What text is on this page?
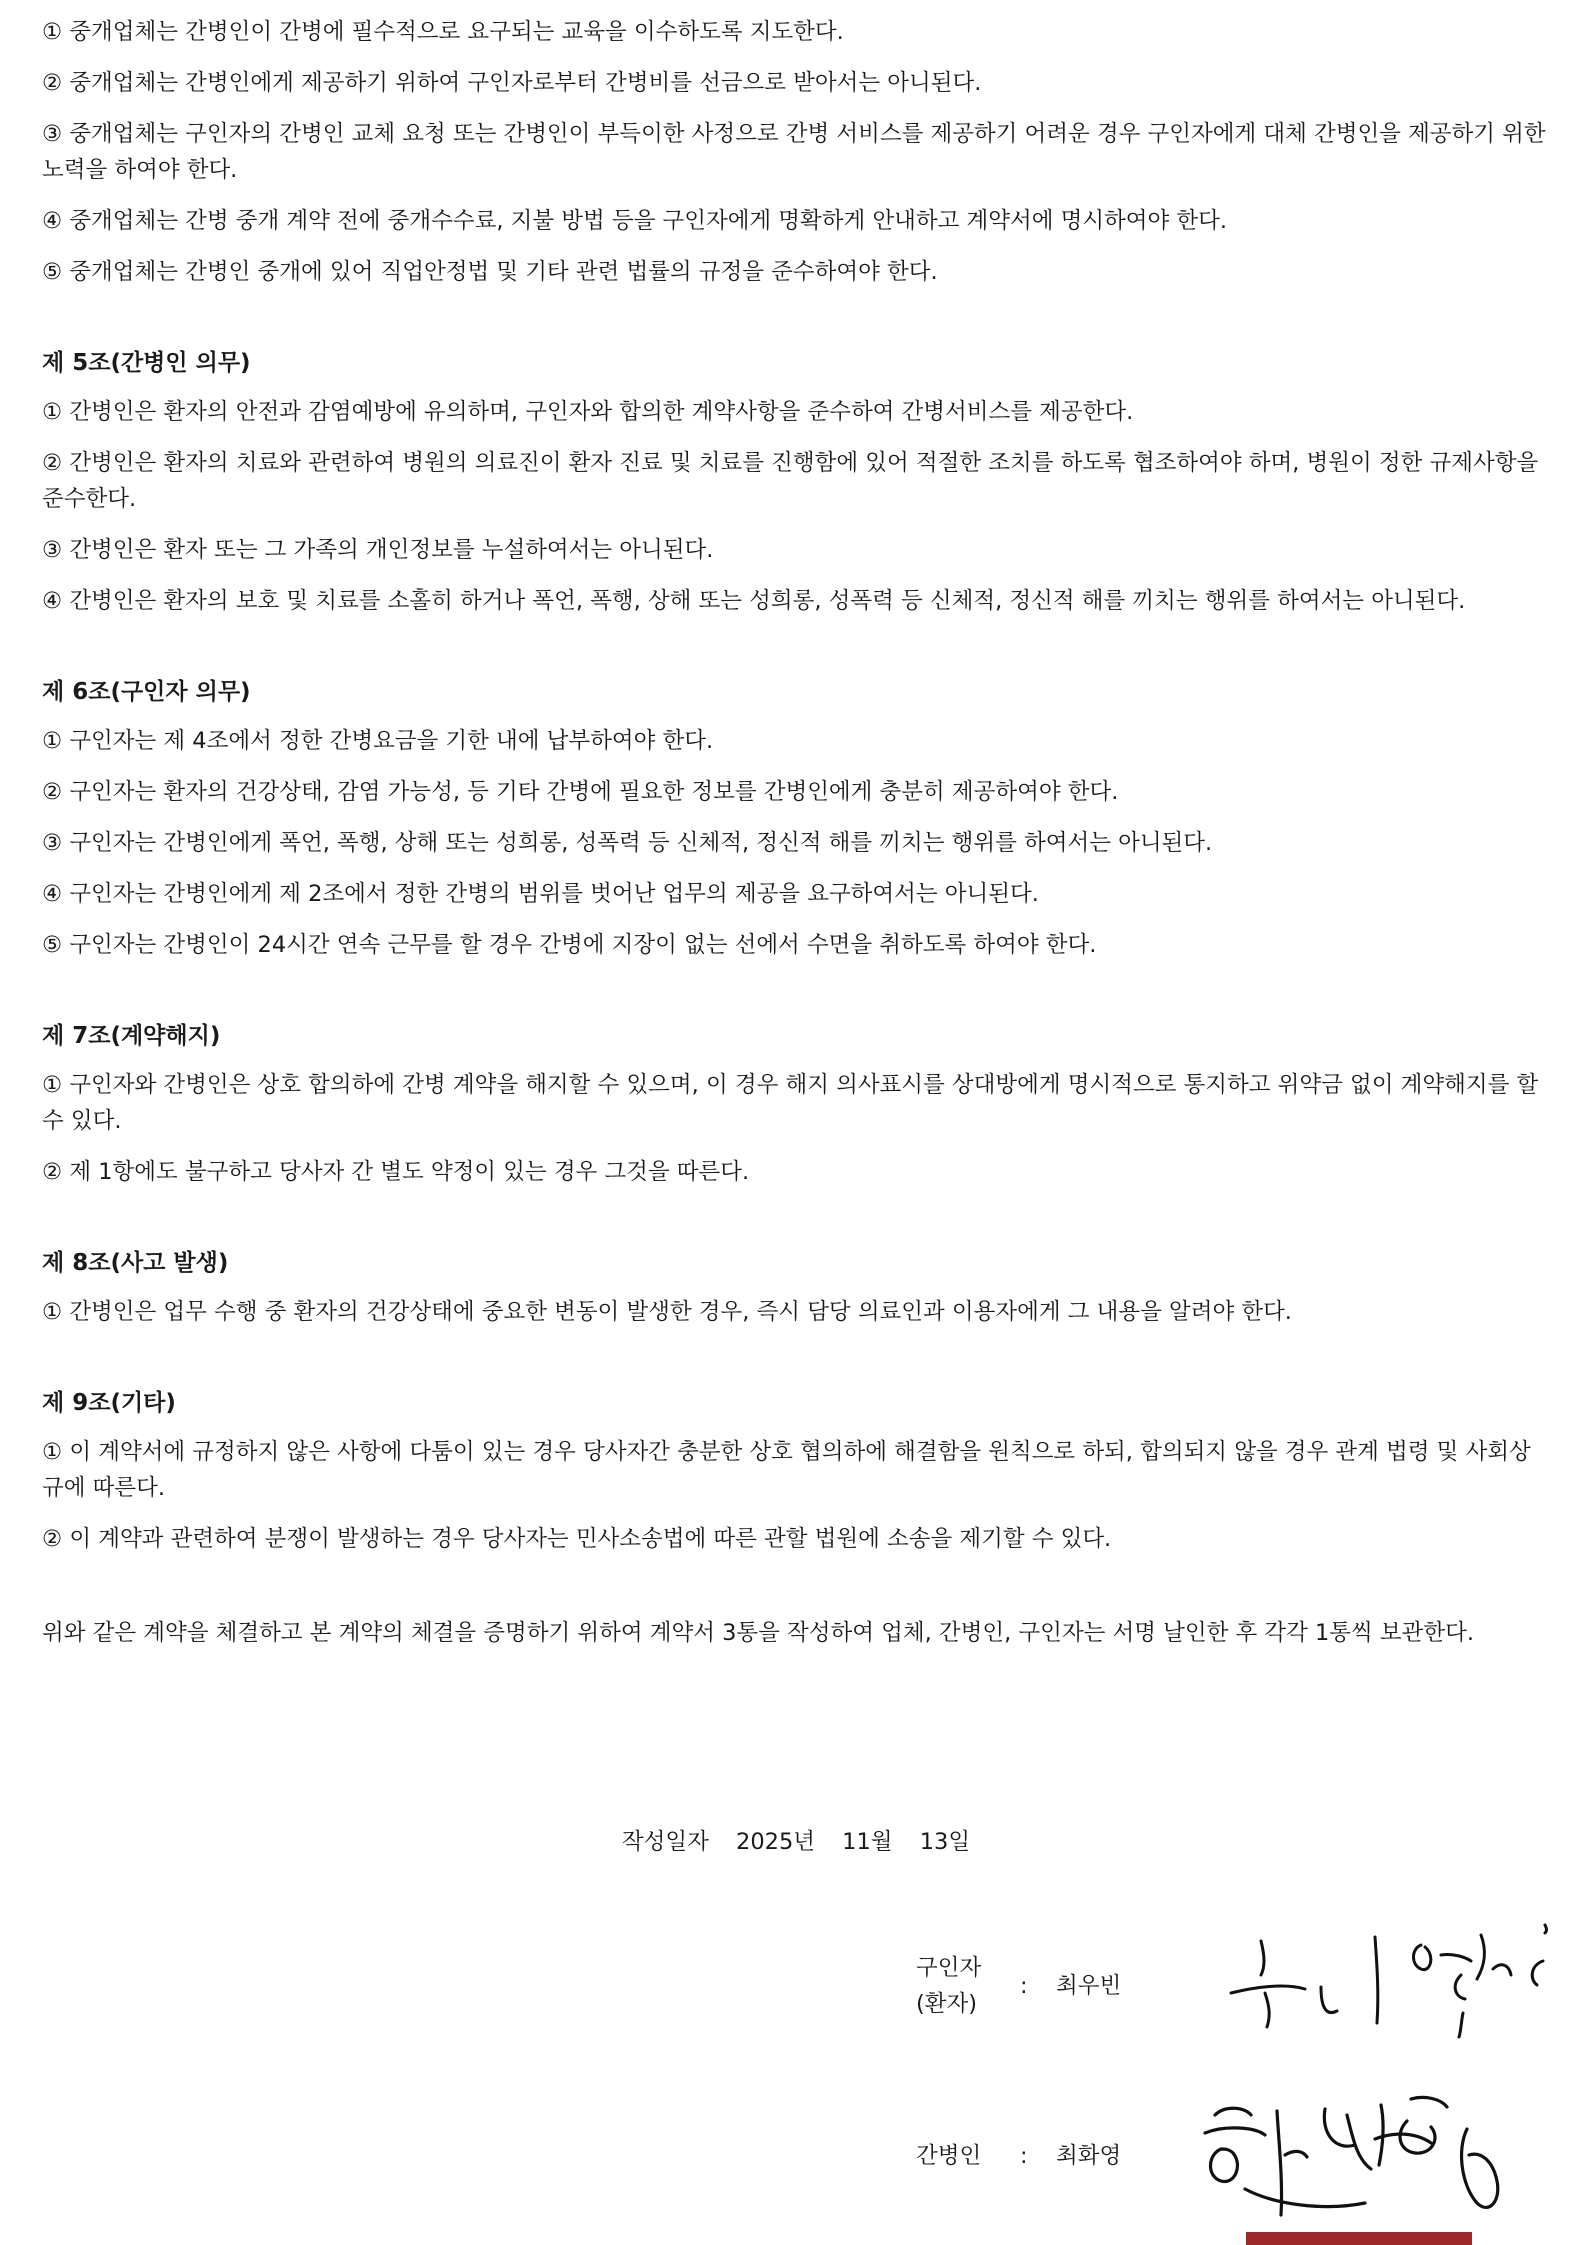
① 중개업체는 간병인이 간병에 필수적으로 요구되는 교육을 이수하도록 지도한다.

② 중개업체는 간병인에게 제공하기 위하여 구인자로부터 간병비를 선금으로 받아서는 아니된다.

③ 중개업체는 구인자의 간병인 교체 요청 또는 간병인이 부득이한 사정으로 간병 서비스를 제공하기 어려운 경우 구인자에게 대체 간병인을 제공하기 위한 노력을 하여야 한다.

④ 중개업체는 간병 중개 계약 전에 중개수수료, 지불 방법 등을 구인자에게 명확하게 안내하고 계약서에 명시하여야 한다.

⑤ 중개업체는 간병인 중개에 있어 직업안정법 및 기타 관련 법률의 규정을 준수하여야 한다.

제 5조(간병인 의무)

① 간병인은 환자의 안전과 감염예방에 유의하며, 구인자와 합의한 계약사항을 준수하여 간병서비스를 제공한다.

② 간병인은 환자의 치료와 관련하여 병원의 의료진이 환자 진료 및 치료를 진행함에 있어 적절한 조치를 하도록 협조하여야 하며, 병원이 정한 규제사항을 준수한다.

③ 간병인은 환자 또는 그 가족의 개인정보를 누설하여서는 아니된다.

④ 간병인은 환자의 보호 및 치료를 소홀히 하거나 폭언, 폭행, 상해 또는 성희롱, 성폭력 등 신체적, 정신적 해를 끼치는 행위를 하여서는 아니된다.

제 6조(구인자 의무)

① 구인자는 제 4조에서 정한 간병요금을 기한 내에 납부하여야 한다.

② 구인자는 환자의 건강상태, 감염 가능성, 등 기타 간병에 필요한 정보를 간병인에게 충분히 제공하여야 한다.

③ 구인자는 간병인에게 폭언, 폭행, 상해 또는 성희롱, 성폭력 등 신체적, 정신적 해를 끼치는 행위를 하여서는 아니된다.

④ 구인자는 간병인에게 제 2조에서 정한 간병의 범위를 벗어난 업무의 제공을 요구하여서는 아니된다.

⑤ 구인자는 간병인이 24시간 연속 근무를 할 경우 간병에 지장이 없는 선에서 수면을 취하도록 하여야 한다.

제 7조(계약해지)

① 구인자와 간병인은 상호 합의하에 간병 계약을 해지할 수 있으며, 이 경우 해지 의사표시를 상대방에게 명시적으로 통지하고 위약금 없이 계약해지를 할 수 있다.

② 제 1항에도 불구하고 당사자 간 별도 약정이 있는 경우 그것을 따른다.

제 8조(사고 발생)

① 간병인은 업무 수행 중 환자의 건강상태에 중요한 변동이 발생한 경우, 즉시 담당 의료인과 이용자에게 그 내용을 알려야 한다.

제 9조(기타)

① 이 계약서에 규정하지 않은 사항에 다툼이 있는 경우 당사자간 충분한 상호 협의하에 해결함을 원칙으로 하되, 합의되지 않을 경우 관계 법령 및 사회상규에 따른다.

② 이 계약과 관련하여 분쟁이 발생하는 경우 당사자는 민사소송법에 따른 관할 법원에 소송을 제기할 수 있다.

위와 같은 계약을 체결하고 본 계약의 체결을 증명하기 위하여 계약서 3통을 작성하여 업체, 간병인, 구인자는 서명 날인한 후 각각 1통씩 보관한다.

작성일자 2025년 11월 13일
구인자
(환자)
: 최우빈
간병인	: 최화영
